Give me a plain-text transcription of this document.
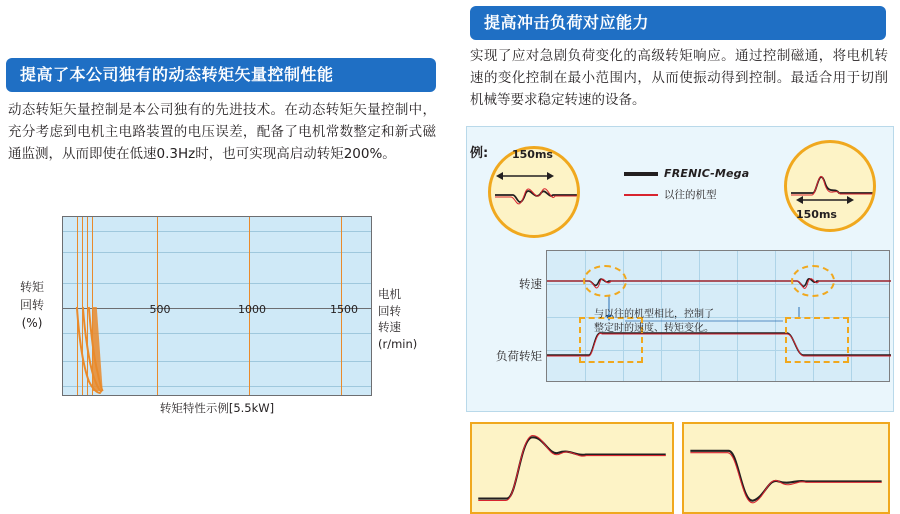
提高了本公司独有的动态转矩矢量控制性能
动态转矩矢量控制是本公司独有的先进技术。在动态转矩矢量控制中，充分考虑到电机主电路装置的电压误差，配备了电机常数整定和新式磁通监测，从而即使在低速0.3Hz时，也可实现高启动转矩200%。
转矩
回转
(%)
500	1000	1500
电机
回转
转速
(r/min)
转矩特性示例[5.5kW]
提高冲击负荷对应能力
实现了应对急剧负荷变化的高级转矩响应。通过控制磁通，将电机转速的变化控制在最小范围内，从而使振动得到控制。最适合用于切削机械等要求稳定转速的设备。
例:
FRENIC-Mega
以往的机型
转速
负荷转矩
与以往的机型相比，控制了
整定时的速度、转矩变化。
150ms
150ms
